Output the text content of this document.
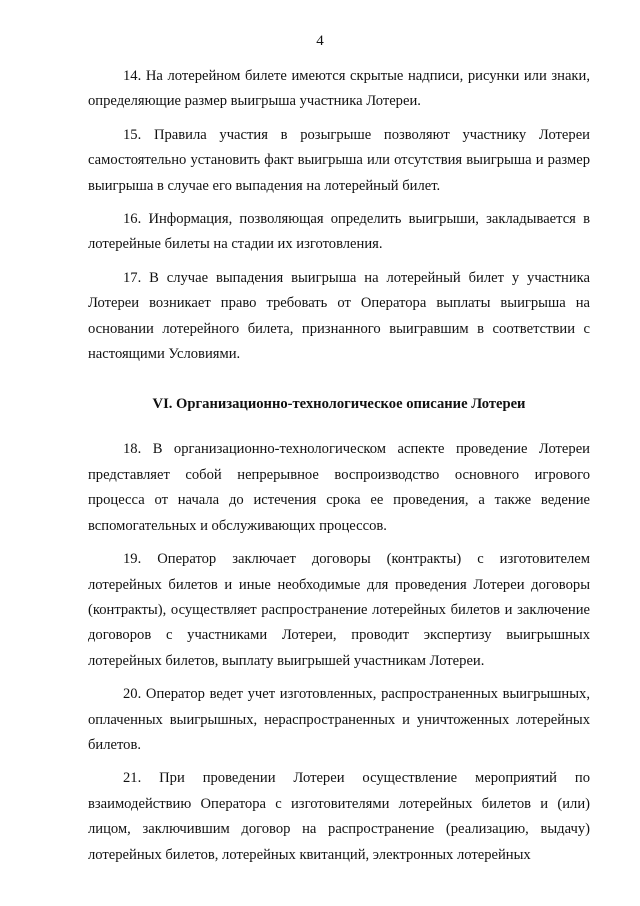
4

14. На лотерейном билете имеются скрытые надписи, рисунки или знаки, определяющие размер выигрыша участника Лотереи.

15. Правила участия в розыгрыше позволяют участнику Лотереи самостоятельно установить факт выигрыша или отсутствия выигрыша и размер выигрыша в случае его выпадения на лотерейный билет.

16. Информация, позволяющая определить выигрыши, закладывается в лотерейные билеты на стадии их изготовления.

17. В случае выпадения выигрыша на лотерейный билет у участника Лотереи возникает право требовать от Оператора выплаты выигрыша на основании лотерейного билета, признанного выигравшим в соответствии с настоящими Условиями.

VI. Организационно-технологическое описание Лотереи

18. В организационно-технологическом аспекте проведение Лотереи представляет собой непрерывное воспроизводство основного игрового процесса от начала до истечения срока ее проведения, а также ведение вспомогательных и обслуживающих процессов.

19. Оператор заключает договоры (контракты) с изготовителем лотерейных билетов и иные необходимые для проведения Лотереи договоры (контракты), осуществляет распространение лотерейных билетов и заключение договоров с участниками Лотереи, проводит экспертизу выигрышных лотерейных билетов, выплату выигрышей участникам Лотереи.

20. Оператор ведет учет изготовленных, распространенных выигрышных, оплаченных выигрышных, нераспространенных и уничтоженных лотерейных билетов.

21. При проведении Лотереи осуществление мероприятий по взаимодействию Оператора с изготовителями лотерейных билетов и (или) лицом, заключившим договор на распространение (реализацию, выдачу) лотерейных билетов, лотерейных квитанций, электронных лотерейных
